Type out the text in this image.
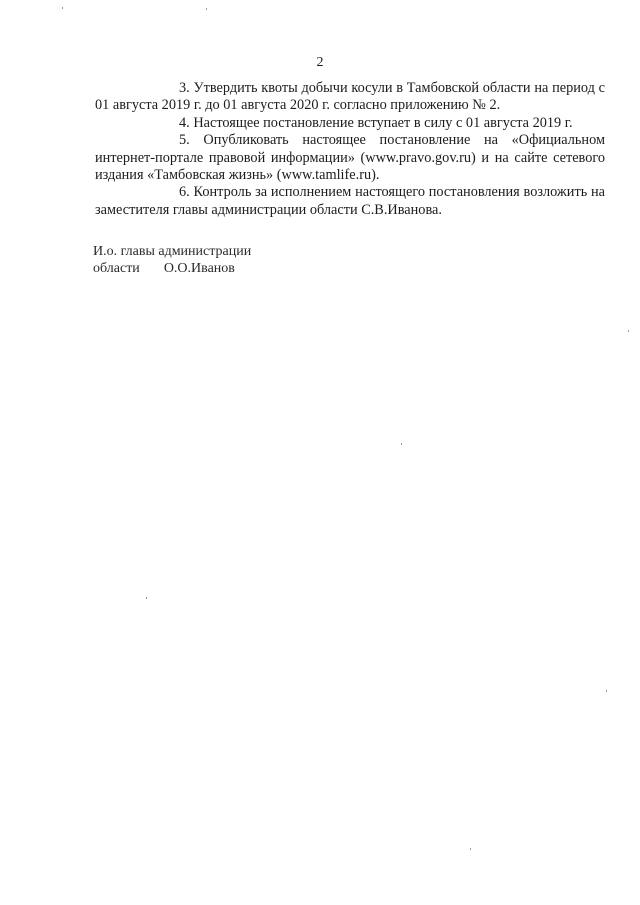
2

3. Утвердить квоты добычи косули в Тамбовской области на период с 01 августа 2019 г. до 01 августа 2020 г. согласно приложению № 2.

4. Настоящее постановление вступает в силу с 01 августа 2019 г.

5. Опубликовать настоящее постановление на «Официальном интернет-портале правовой информации» (www.pravo.gov.ru) и на сайте сетевого издания «Тамбовская жизнь» (www.tamlife.ru).

6. Контроль за исполнением настоящего постановления возложить на заместителя главы администрации области С.В.Иванова.

И.о. главы администрации
области О.О.Иванов
